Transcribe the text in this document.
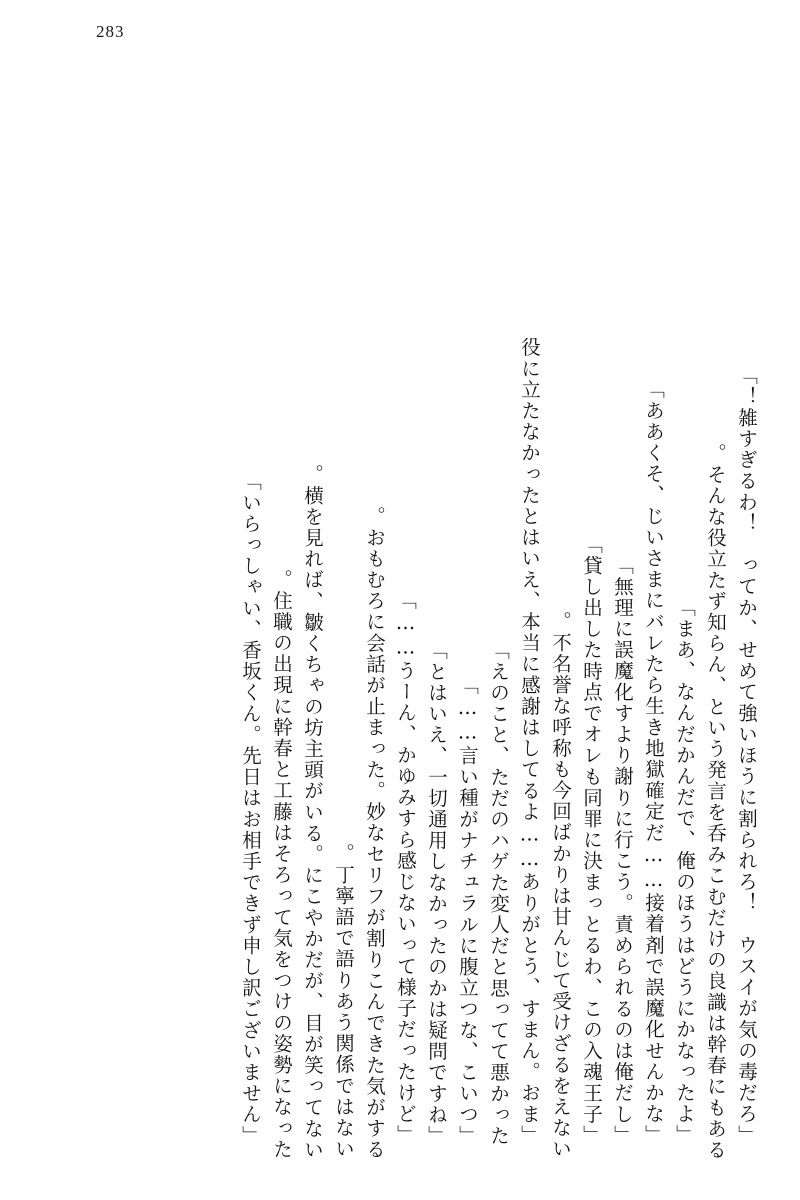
283
「雑すぎるわ！　ってか、せめて強いほうに割られろ！　ウスイが気の毒だろ！」
そんな役立たず知らん、という発言を呑みこむだけの良識は幹春にもある。
「まあ、なんだかんだで、俺のほうはどうにかなったよ」
「ああくそ、じいさまにバレたら生き地獄確定だ……接着剤で誤魔化せんかな」
「無理に誤魔化すより謝りに行こう。責められるのは俺だし」
「貸し出した時点でオレも同罪に決まっとるわ、この入魂王子」
不名誉な呼称も今回ばかりは甘んじて受けざるをえない。
「役に立たなかったとはいえ、本当に感謝はしてるよ……ありがとう、すまん。おま
えのこと、ただのハゲた変人だと思ってて悪かった」
「言い種がナチュラルに腹立つな、こいつ……」
「とはいえ、一切通用しなかったのかは疑問ですね」
「うーん、かゆみすら感じないって様子だったけど……」
おもむろに会話が止まった。妙なセリフが割りこんできた気がする。
丁寧語で語りあう関係ではない。
横を見れば、皺くちゃの坊主頭がいる。にこやかだが、目が笑ってない。
住職の出現に幹春と工藤はそろって気をつけの姿勢になった。
「いらっしゃい、香坂くん。先日はお相手できず申し訳ございません」
